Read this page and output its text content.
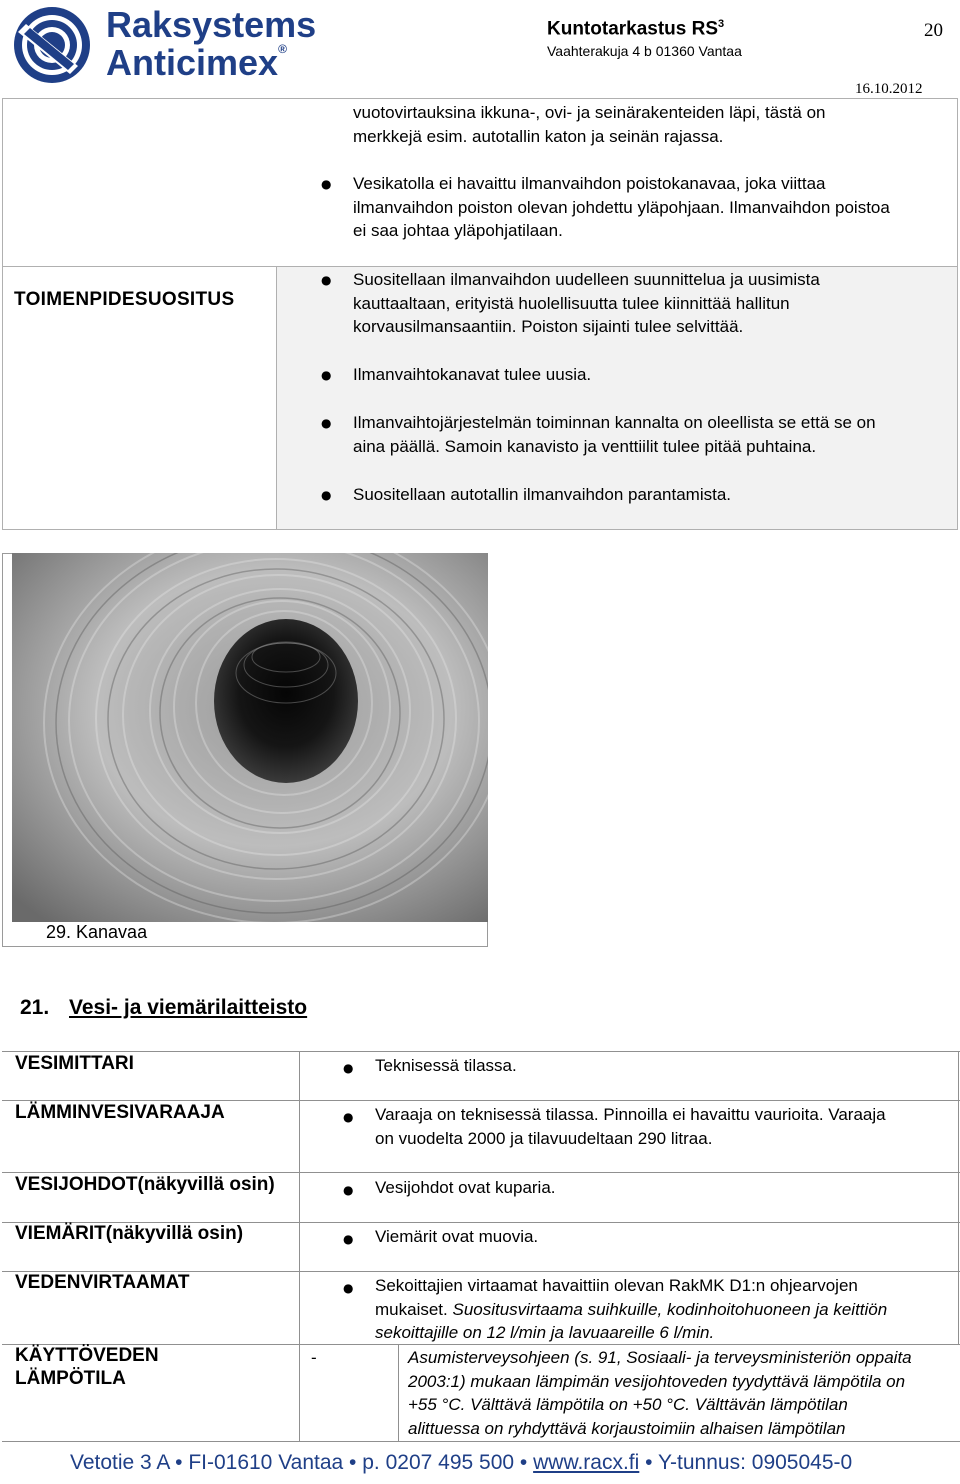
Raksystems
Anticimex®
Kuntotarkastus $RS^3$
Vaahterakuja 4 b 01360 Vantaa
20
16.10.2012
vuotovirtauksina ikkuna-, ovi- ja seinärakenteiden läpi, tästä on
merkkejä esim. autotallin katon ja seinän rajassa.
● Vesikatolla ei havaittu ilmanvaihdon poistokanavaa, joka viittaa
ilmanvaihdon poiston olevan johdettu yläpohjaan. Ilmanvaihdon poistoa
ei saa johtaa yläpohjatilaan.
TOIMENPIDESUOSITUS
● Suositellaan ilmanvaihdon uudelleen suunnittelua ja uusimista
kauttaaltaan, erityistä huolellisuutta tulee kiinnittää hallitun
korvausilmansaantiin. Poiston sijainti tulee selvittää.
● Ilmanvaihtokanavat tulee uusia.
● Ilmanvaihtojärjestelmän toiminnan kannalta on oleellista se että se on
aina päällä. Samoin kanavisto ja venttiilit tulee pitää puhtaina.
● Suositellaan autotallin ilmanvaihdon parantamista.
29. Kanavaa
21. Vesi- ja viemärilaitteisto
VESIMITTARI
LÄMMINVESIVARAAJA
VESIJOHDOT(näkyvillä osin)
VIEMÄRIT(näkyvillä osin)
VEDENVIRTAAMAT
KÄYTTÖVEDEN
LÄMPÖTILA
● Teknisessä tilassa.
● Varaaja on teknisessä tilassa. Pinnoilla ei havaittu vaurioita. Varaaja
on vuodelta 2000 ja tilavuudeltaan 290 litraa.
● Vesijohdot ovat kuparia.
● Viemärit ovat muovia.
● Sekoittajien virtaamat havaittiin olevan RakMK D1:n ohjearvojen
mukaiset. Suositusvirtaama suihkuille, kodinhoitohuoneen ja keittiön
sekoittajille on 12 l/min ja lavuaareille 6 l/min.
-	Asumisterveysohjeen (s. 91, Sosiaali- ja terveysministeriön oppaita
2003:1) mukaan lämpimän vesijohtoveden tyydyttävä lämpötila on
+55 °C. Välttävä lämpötila on +50 °C. Välttävän lämpötilan
alittuessa on ryhdyttävä korjaustoimiin alhaisen lämpötilan
Vetotie 3 A • FI-01610 Vantaa • p. 0207 495 500 • www.racx.fi • Y-tunnus: 0905045-0
